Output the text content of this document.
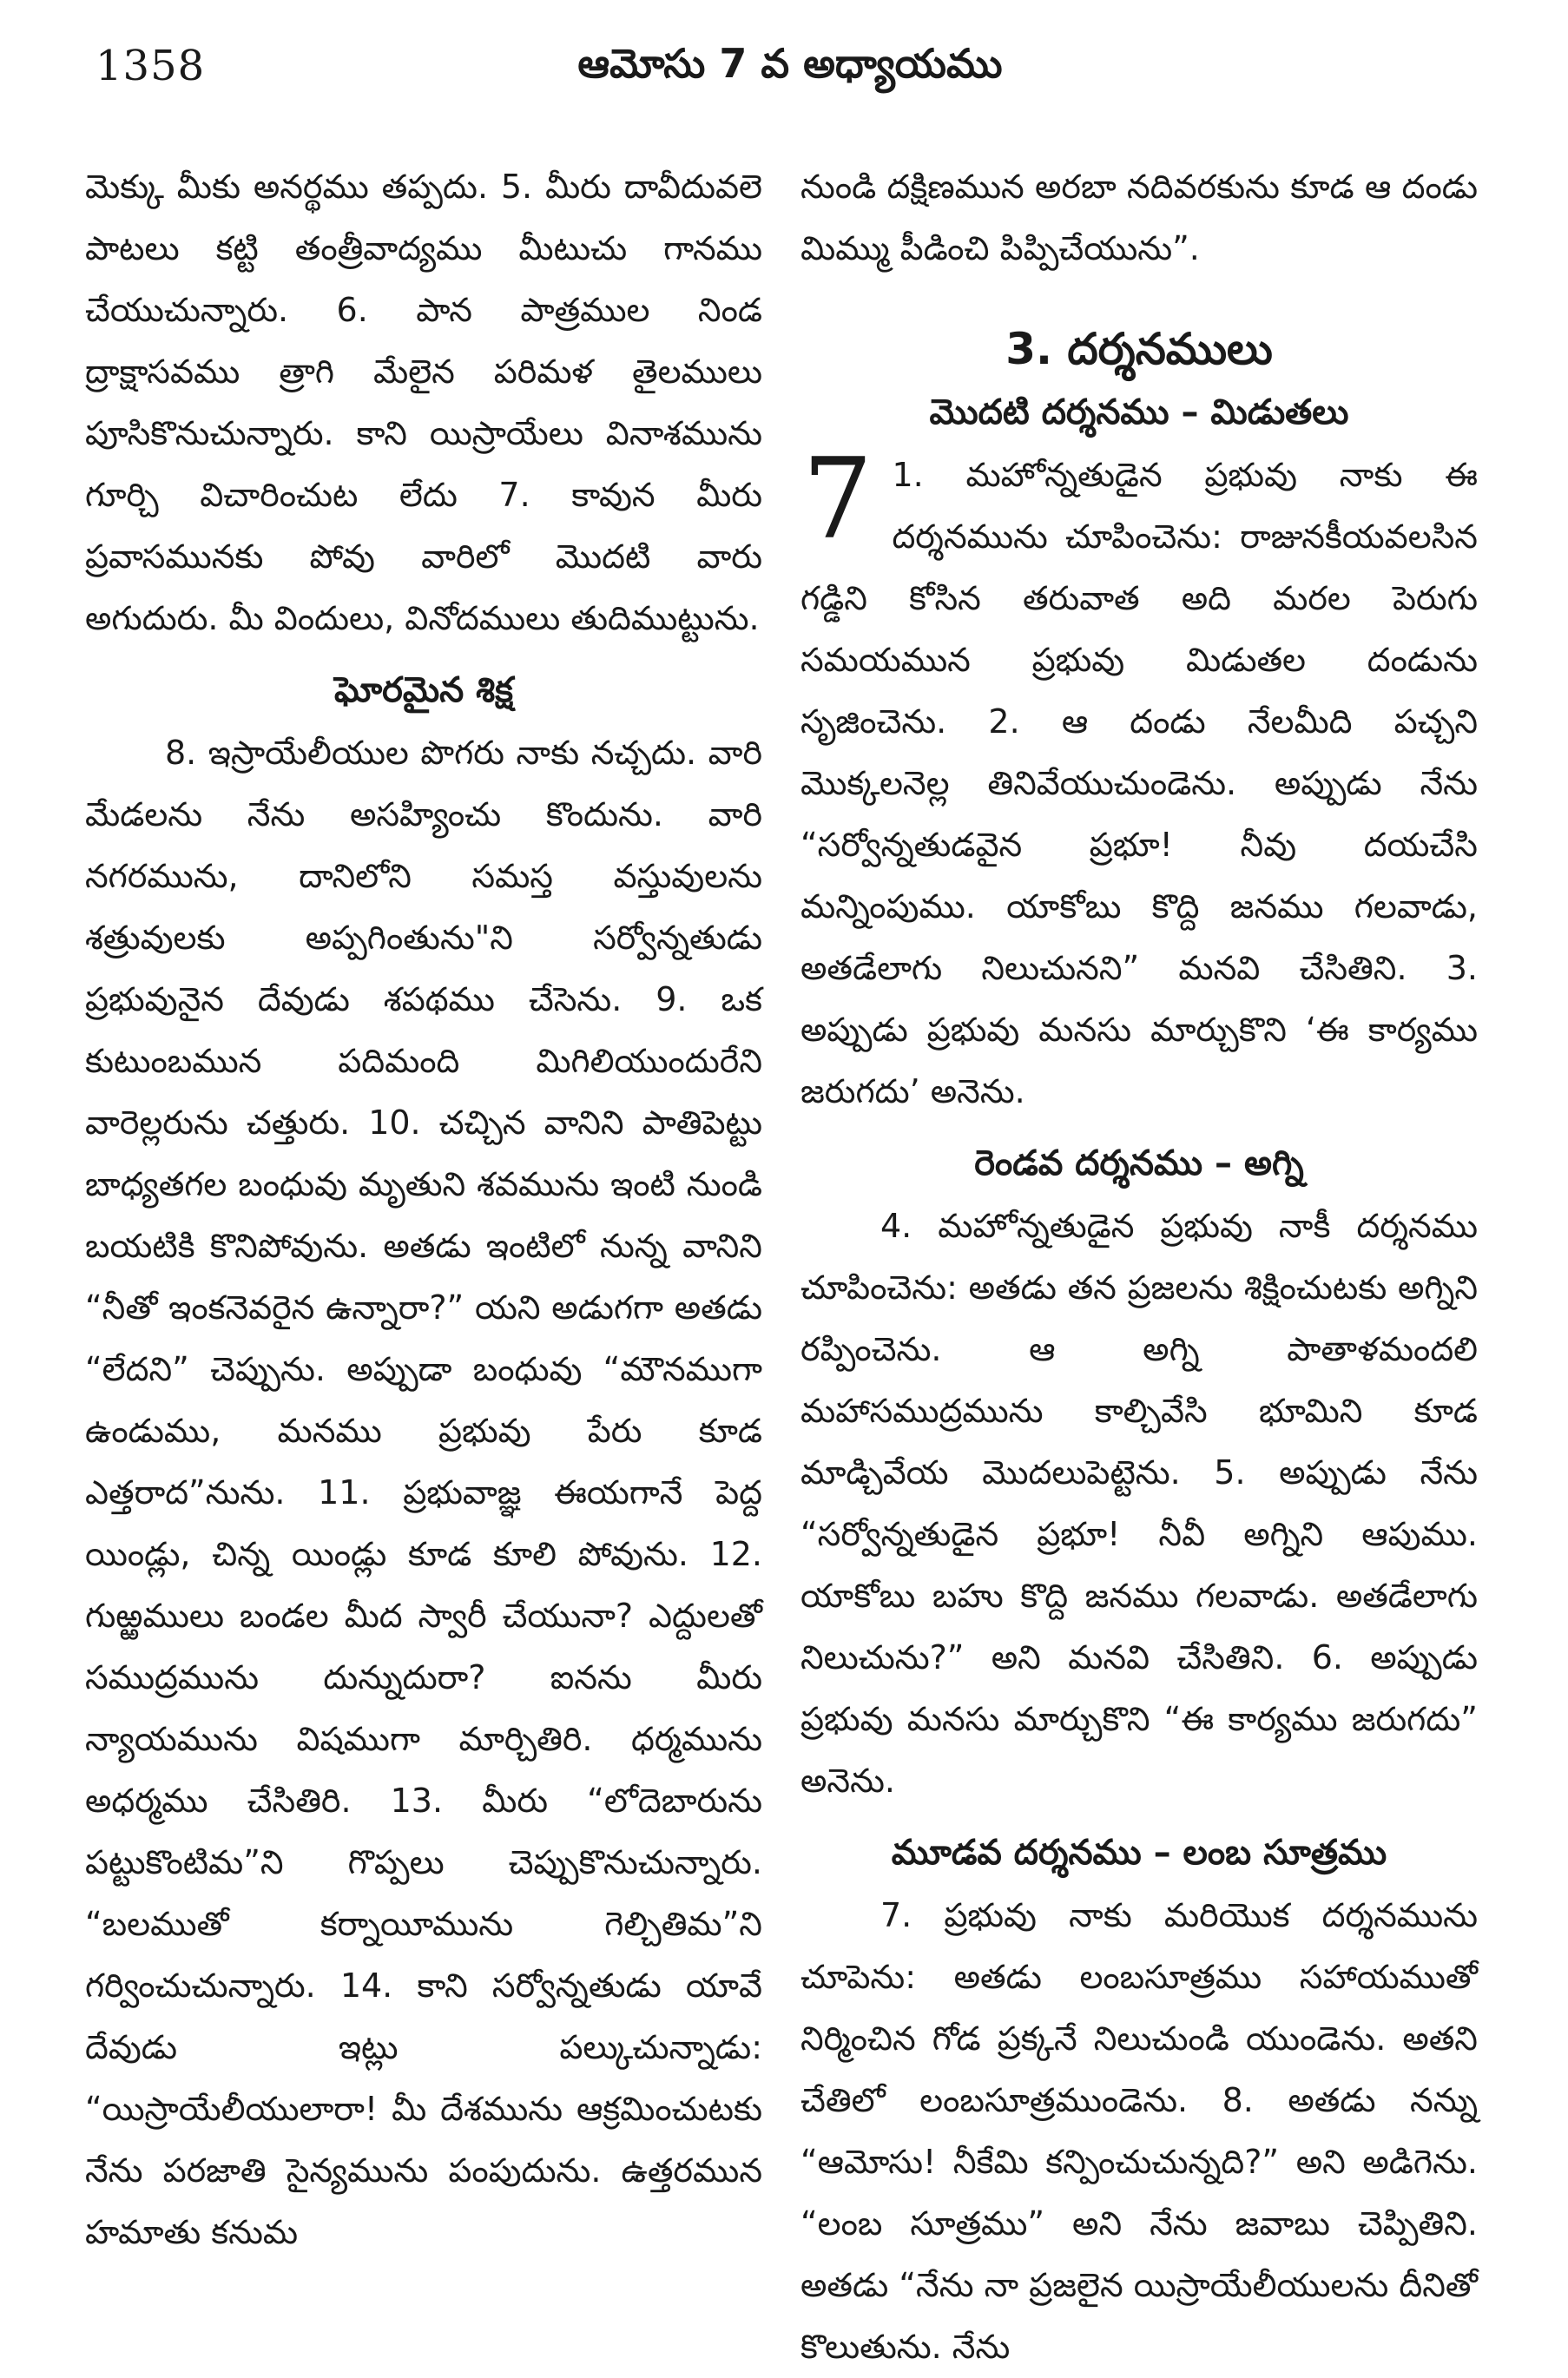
1358	ఆమోసు 7 వ అధ్యాయము

మెక్కు మీకు అనర్థము తప్పదు. 5. మీరు దావీదువలె పాటలు కట్టి తంత్రీవాద్యము మీటుచు గానము చేయుచున్నారు. 6. పాన పాత్రముల నిండ ద్రాక్షాసవము త్రాగి మేలైన పరిమళ తైలములు పూసికొనుచున్నారు. కాని యిస్రాయేలు వినాశమును గూర్చి విచారించుట లేదు 7. కావున మీరు ప్రవాసమునకు పోవు వారిలో మొదటి వారు అగుదురు. మీ విందులు, వినోదములు తుదిముట్టును.

ఘోరమైన శిక్ష

8. ఇస్రాయేలీయుల పొగరు నాకు నచ్చదు. వారి మేడలను నేను అసహ్యించు కొందును. వారి నగరమును, దానిలోని సమస్త వస్తువులను శత్రువులకు అప్పగింతును"ని సర్వోన్నతుడు ప్రభువునైన దేవుడు శపథము చేసెను. 9. ఒక కుటుంబమున పదిమంది మిగిలియుందురేని వారెల్లరును చత్తురు. 10. చచ్చిన వానిని పాతిపెట్టు బాధ్యతగల బంధువు మృతుని శవమును ఇంటి నుండి బయటికి కొనిపోవును. అతడు ఇంటిలో నున్న వానిని “నీతో ఇంకనెవరైన ఉన్నారా?” యని అడుగగా అతడు “లేదని” చెప్పును. అప్పుడా బంధువు “మౌనముగా ఉండుము, మనము ప్రభువు పేరు కూడ ఎత్తరాద”నును. 11. ప్రభువాజ్ఞ ఈయగానే పెద్ద యిండ్లు, చిన్న యిండ్లు కూడ కూలి పోవును. 12. గుఱ్ఱములు బండల మీద స్వారీ చేయునా? ఎద్దులతో సముద్రమును దున్నుదురా? ఐనను మీరు న్యాయమును విషముగా మార్చితిరి. ధర్మమును అధర్మము చేసితిరి. 13. మీరు “లోదెబారును పట్టుకొంటిమ”ని గొప్పలు చెప్పుకొనుచున్నారు. “బలముతో కర్నాయీమును గెల్చితిమ”ని గర్వించుచున్నారు. 14. కాని సర్వోన్నతుడు యావే దేవుడు ఇట్లు పల్కుచున్నాడు: “యిస్రాయేలీయులారా! మీ దేశమును ఆక్రమించుటకు నేను పరజాతి సైన్యమును పంపుదును. ఉత్తరమున హమాతు కనుమ

నుండి దక్షిణమున అరబా నదివరకును కూడ ఆ దండు మిమ్ము పీడించి పిప్పిచేయును”.

3. దర్శనములు
మొదటి దర్శనము – మిడుతలు
7 1. మహోన్నతుడైన ప్రభువు నాకు ఈ దర్శనమును చూపించెను: రాజునకీయవలసిన గడ్డిని కోసిన తరువాత అది మరల పెరుగు సమయమున ప్రభువు మిడుతల దండును సృజించెను. 2. ఆ దండు నేలమీది పచ్చని మొక్కలనెల్ల తినివేయుచుండెను. అప్పుడు నేను “సర్వోన్నతుడవైన ప్రభూ! నీవు దయచేసి మన్నింపుము. యాకోబు కొద్ది జనము గలవాడు, అతడేలాగు నిలుచునని” మనవి చేసితిని. 3. అప్పుడు ప్రభువు మనసు మార్చుకొని ‘ఈ కార్యము జరుగదు’ అనెను.

రెండవ దర్శనము – అగ్ని

4. మహోన్నతుడైన ప్రభువు నాకీ దర్శనము చూపించెను: అతడు తన ప్రజలను శిక్షించుటకు అగ్నిని రప్పించెను. ఆ అగ్ని పాతాళమందలి మహాసముద్రమును కాల్చివేసి భూమిని కూడ మాడ్చివేయ మొదలుపెట్టెను. 5. అప్పుడు నేను “సర్వోన్నతుడైన ప్రభూ! నీవీ అగ్నిని ఆపుము. యాకోబు బహు కొద్ది జనము గలవాడు. అతడేలాగు నిలుచును?” అని మనవి చేసితిని. 6. అప్పుడు ప్రభువు మనసు మార్చుకొని “ఈ కార్యము జరుగదు” అనెను.

మూడవ దర్శనము – లంబ సూత్రము

7. ప్రభువు నాకు మరియొక దర్శనమును చూపెను: అతడు లంబసూత్రము సహాయముతో నిర్మించిన గోడ ప్రక్కనే నిలుచుండి యుండెను. అతని చేతిలో లంబసూత్రముండెను. 8. అతడు నన్ను “ఆమోసు! నీకేమి కన్పించుచున్నది?” అని అడిగెను. “లంబ సూత్రము” అని నేను జవాబు చెప్పితిని. అతడు “నేను నా ప్రజలైన యిస్రాయేలీయులను దీనితో కొలుతును. నేను
